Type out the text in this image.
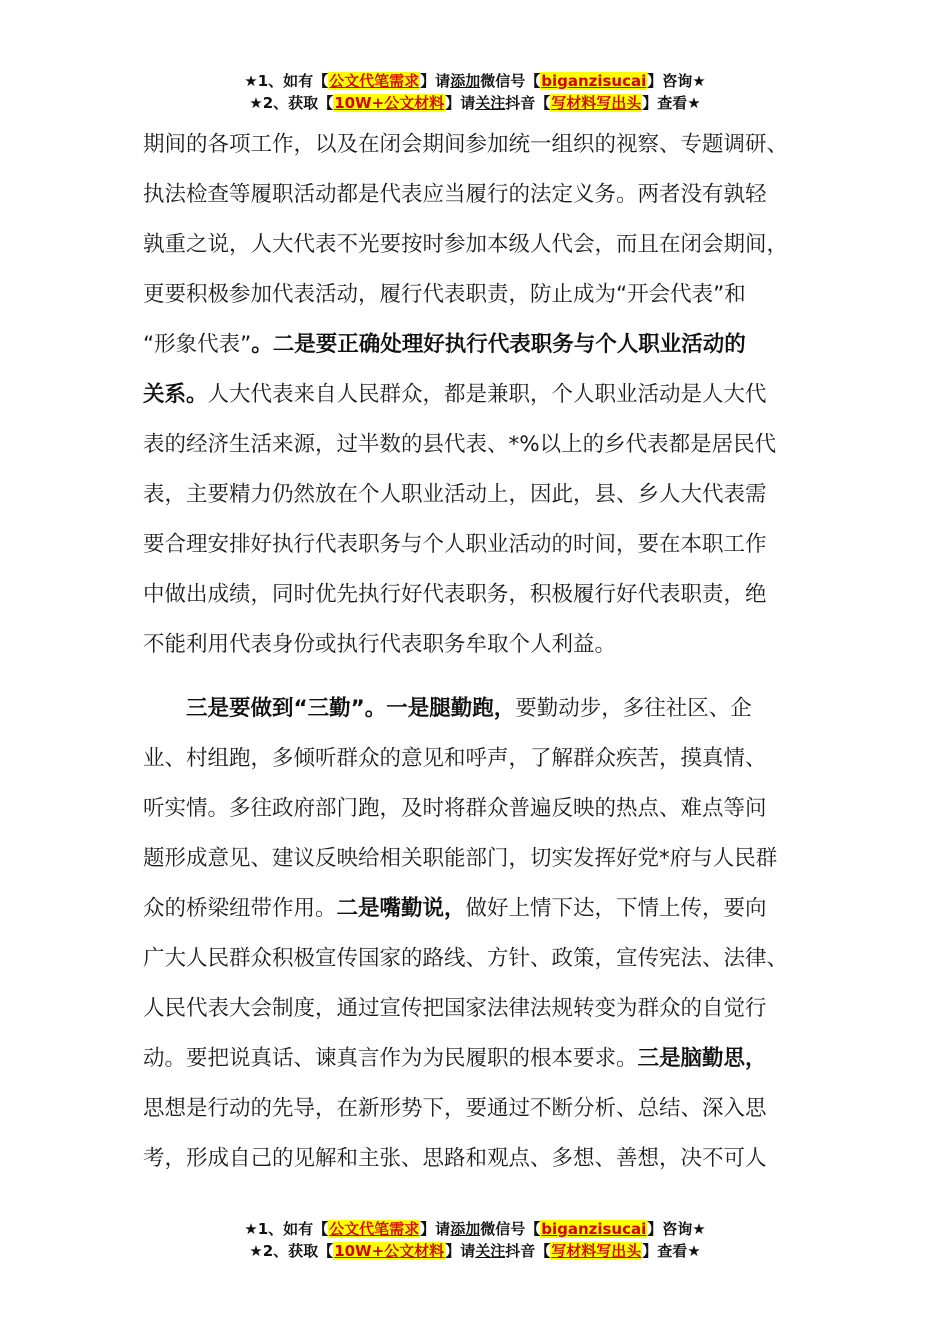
★1、如有【公文代笔需求】请添加微信号【biganzisucai】咨询★
★2、获取【10W+公文材料】请关注抖音【写材料写出头】查看★
期间的各项工作，以及在闭会期间参加统一组织的视察、专题调研、
执法检查等履职活动都是代表应当履行的法定义务。两者没有孰轻
孰重之说，人大代表不光要按时参加本级人代会，而且在闭会期间，
更要积极参加代表活动，履行代表职责，防止成为“开会代表”和
“形象代表”。二是要正确处理好执行代表职务与个人职业活动的
关系。人大代表来自人民群众，都是兼职，个人职业活动是人大代
表的经济生活来源，过半数的县代表、*%以上的乡代表都是居民代
表，主要精力仍然放在个人职业活动上，因此，县、乡人大代表需
要合理安排好执行代表职务与个人职业活动的时间，要在本职工作
中做出成绩，同时优先执行好代表职务，积极履行好代表职责，绝
不能利用代表身份或执行代表职务牟取个人利益。
三是要做到“三勤”。一是腿勤跑，要勤动步，多往社区、企
业、村组跑，多倾听群众的意见和呼声，了解群众疾苦，摸真情、
听实情。多往政府部门跑，及时将群众普遍反映的热点、难点等问
题形成意见、建议反映给相关职能部门，切实发挥好党*府与人民群
众的桥梁纽带作用。二是嘴勤说，做好上情下达，下情上传，要向
广大人民群众积极宣传国家的路线、方针、政策，宣传宪法、法律、
人民代表大会制度，通过宣传把国家法律法规转变为群众的自觉行
动。要把说真话、谏真言作为为民履职的根本要求。三是脑勤思，
思想是行动的先导，在新形势下，要通过不断分析、总结、深入思
考，形成自己的见解和主张、思路和观点、多想、善想，决不可人
★1、如有【公文代笔需求】请添加微信号【biganzisucai】咨询★
★2、获取【10W+公文材料】请关注抖音【写材料写出头】查看★
